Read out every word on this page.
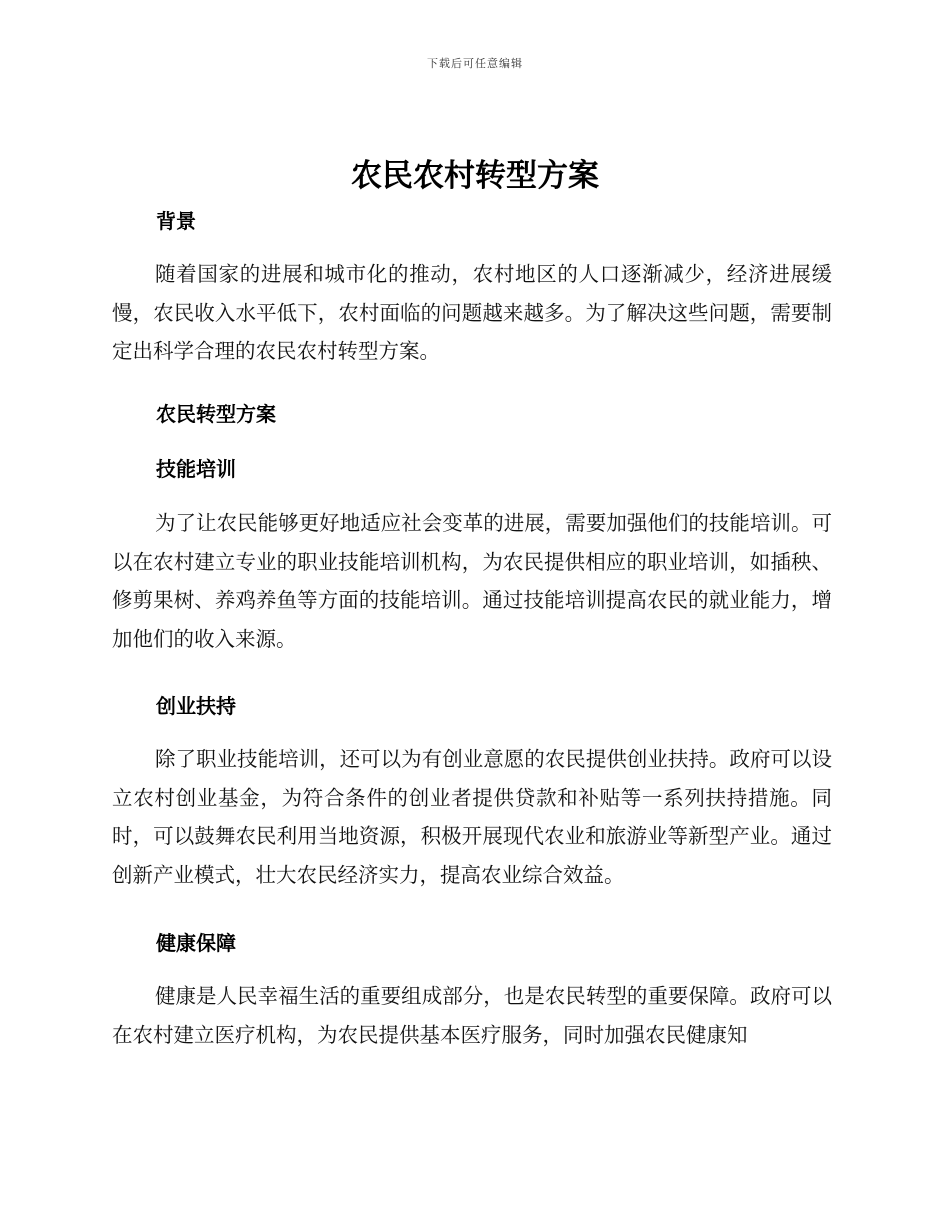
下载后可任意编辑
农民农村转型方案
背景

随着国家的进展和城市化的推动，农村地区的人口逐渐减少，经济进展缓慢，农民收入水平低下，农村面临的问题越来越多。为了解决这些问题，需要制定出科学合理的农民农村转型方案。

农民转型方案
技能培训

为了让农民能够更好地适应社会变革的进展，需要加强他们的技能培训。可以在农村建立专业的职业技能培训机构，为农民提供相应的职业培训，如插秧、修剪果树、养鸡养鱼等方面的技能培训。通过技能培训提高农民的就业能力，增加他们的收入来源。

创业扶持

除了职业技能培训，还可以为有创业意愿的农民提供创业扶持。政府可以设立农村创业基金，为符合条件的创业者提供贷款和补贴等一系列扶持措施。同时，可以鼓舞农民利用当地资源，积极开展现代农业和旅游业等新型产业。通过创新产业模式，壮大农民经济实力，提高农业综合效益。

健康保障

健康是人民幸福生活的重要组成部分，也是农民转型的重要保障。政府可以在农村建立医疗机构，为农民提供基本医疗服务，同时加强农民健康知
